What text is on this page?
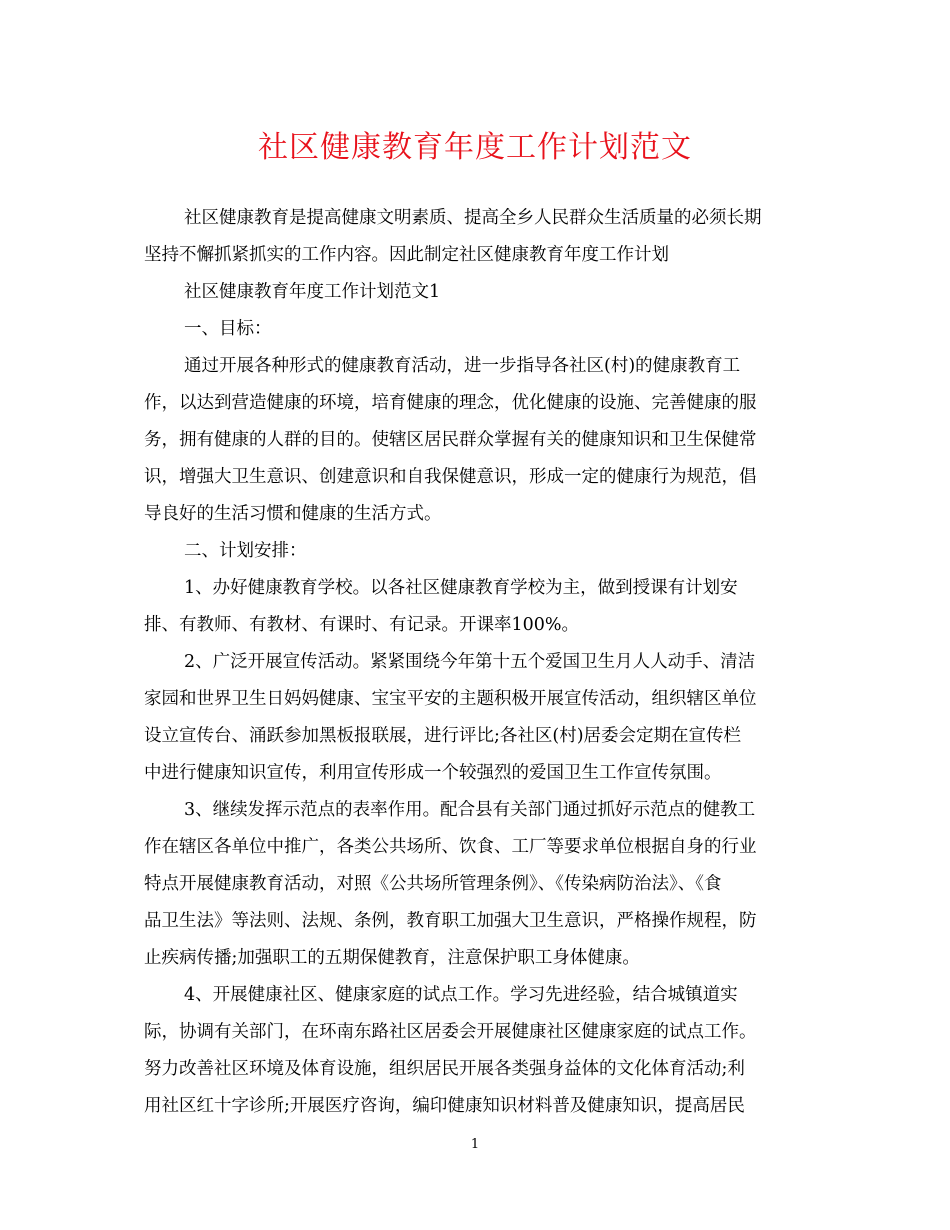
社区健康教育年度工作计划范文
社区健康教育是提高健康文明素质、提高全乡人民群众生活质量的必须长期
坚持不懈抓紧抓实的工作内容。因此制定社区健康教育年度工作计划
社区健康教育年度工作计划范文1
一、目标：
通过开展各种形式的健康教育活动，进一步指导各社区(村)的健康教育工
作，以达到营造健康的环境，培育健康的理念，优化健康的设施、完善健康的服
务，拥有健康的人群的目的。使辖区居民群众掌握有关的健康知识和卫生保健常
识，增强大卫生意识、创建意识和自我保健意识，形成一定的健康行为规范，倡
导良好的生活习惯和健康的生活方式。
二、计划安排：
1、办好健康教育学校。以各社区健康教育学校为主，做到授课有计划安
排、有教师、有教材、有课时、有记录。开课率100%。
2、广泛开展宣传活动。紧紧围绕今年第十五个爱国卫生月人人动手、清洁
家园和世界卫生日妈妈健康、宝宝平安的主题积极开展宣传活动，组织辖区单位
设立宣传台、涌跃参加黑板报联展，进行评比;各社区(村)居委会定期在宣传栏
中进行健康知识宣传，利用宣传形成一个较强烈的爱国卫生工作宣传氛围。
3、继续发挥示范点的表率作用。配合县有关部门通过抓好示范点的健教工
作在辖区各单位中推广，各类公共场所、饮食、工厂等要求单位根据自身的行业
特点开展健康教育活动，对照《公共场所管理条例》、《传染病防治法》、《食
品卫生法》等法则、法规、条例，教育职工加强大卫生意识，严格操作规程，防
止疾病传播;加强职工的五期保健教育，注意保护职工身体健康。
4、开展健康社区、健康家庭的试点工作。学习先进经验，结合城镇道实
际，协调有关部门，在环南东路社区居委会开展健康社区健康家庭的试点工作。
努力改善社区环境及体育设施，组织居民开展各类强身益体的文化体育活动;利
用社区红十字诊所;开展医疗咨询，编印健康知识材料普及健康知识，提高居民
1
